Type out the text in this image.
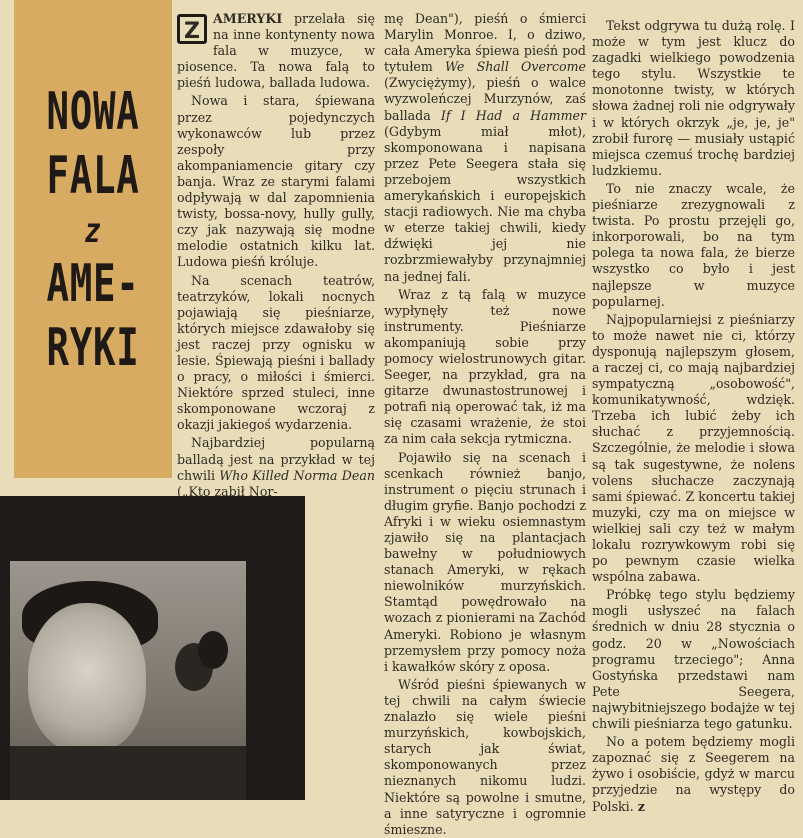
NOWA
FALA
z
AME-
RYKI

Z
AMERYKI przelała się na inne kontynenty nowa fala w muzyce, w piosence. Ta nowa falą to pieśń ludowa, ballada ludowa.

Nowa i stara, śpiewana przez pojedynczych wykonawców lub przez zespoły przy akompaniamencie gitary czy banja. Wraz ze starymi falami odpływają w dal zapomnienia twisty, bossa-novy, hully gully, czy jak nazywają się modne melodie ostatnich kilku lat. Ludowa pieśń króluje.

Na scenach teatrów, teatrzyków, lokali nocnych pojawiają się pieśniarze, których miejsce zdawałoby się jest raczej przy ognisku w lesie. Śpiewają pieśni i ballady o pracy, o miłości i śmierci. Niektóre sprzed stuleci, inne skomponowane wczoraj z okazji jakiegoś wydarzenia.

Najbardziej popularną balladą jest na przykład w tej chwili Who Killed Norma Dean („Kto zabił Nor-

mę Dean"), pieśń o śmierci Marylin Monroe. I, o dziwo, cała Ameryka śpiewa pieśń pod tytułem We Shall Overcome (Zwyciężymy), pieśń o walce wyzwoleńczej Murzynów, zaś ballada If I Had a Hammer (Gdybym miał młot), skomponowana i napisana przez Pete Seegera stała się przebojem wszystkich amerykańskich i europejskich stacji radiowych. Nie ma chyba w eterze takiej chwili, kiedy dźwięki jej nie rozbrzmiewałyby przynajmniej na jednej fali.

Wraz z tą falą w muzyce wypłynęły też nowe instrumenty. Pieśniarze akompaniują sobie przy pomocy wielostrunowych gitar. Seeger, na przykład, gra na gitarze dwunastostrunowej i potrafi nią operować tak, iż ma się czasami wrażenie, że stoi za nim cała sekcja rytmiczna.

Pojawiło się na scenach i scenkach również banjo, instrument o pięciu strunach i długim gryfie. Banjo pochodzi z Afryki i w wieku osiemnastym zjawiło się na plantacjach bawełny w południowych stanach Ameryki, w rękach niewolników murzyńskich. Stamtąd powędrowało na wozach z pionierami na Zachód Ameryki. Robiono je własnym przemysłem przy pomocy noża i kawałków skóry z oposa.

Wśród pieśni śpiewanych w tej chwili na całym świecie znalazło się wiele pieśni murzyńskich, kowbojskich, starych jak świat, skomponowanych przez nieznanych nikomu ludzi. Niektóre są powolne i smutne, a inne satyryczne i ogromnie śmieszne.

Tekst odgrywa tu dużą rolę. I może w tym jest klucz do zagadki wielkiego powodzenia tego stylu. Wszystkie te monotonne twisty, w których słowa żadnej roli nie odgrywały i w których okrzyk „je, je, je" zrobił furorę — musiały ustąpić miejsca czemuś trochę bardziej ludzkiemu.

To nie znaczy wcale, że pieśniarze zrezygnowali z twista. Po prostu przejęli go, inkorporowali, bo na tym polega ta nowa fala, że bierze wszystko co było i jest najlepsze w muzyce popularnej.

Najpopularniejsi z pieśniarzy to może nawet nie ci, którzy dysponują najlepszym głosem, a raczej ci, co mają najbardziej sympatyczną „osobowość", komunikatywność, wdzięk. Trzeba ich lubić żeby ich słuchać z przyjemnością. Szczególnie, że melodie i słowa są tak sugestywne, że nolens volens słuchacze zaczynają sami śpiewać. Z koncertu takiej muzyki, czy ma on miejsce w wielkiej sali czy też w małym lokalu rozrywkowym robi się po pewnym czasie wielka wspólna zabawa.

Próbkę tego stylu będziemy mogli usłyszeć na falach średnich w dniu 28 stycznia o godz. 20 w „Nowościach programu trzeciego"; Anna Gostyńska przedstawi nam Pete Seegera, najwybitniejszego bodajże w tej chwili pieśniarza tego gatunku.

No a potem będziemy mogli zapoznać się z Seegerem na żywo i osobiście, gdyż w marcu przyjedzie na występy do Polski. z
